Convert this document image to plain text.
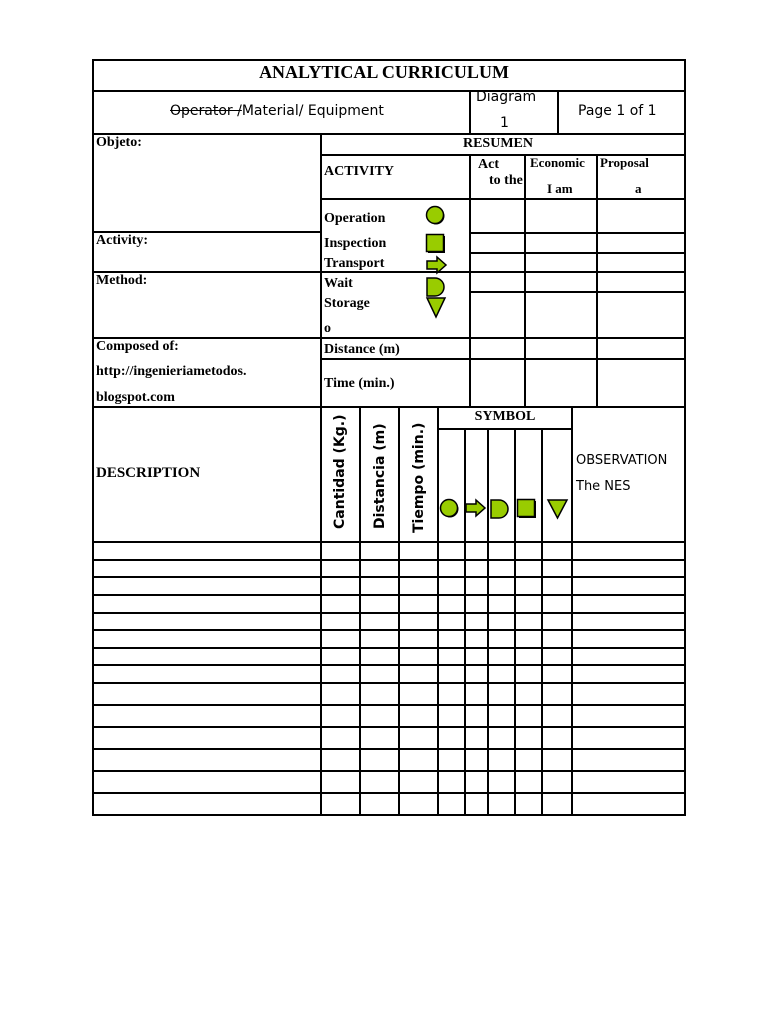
ANALYTICAL CURRICULUM
Operator /Material/ Equipment
Diagram
1
Page 1 of 1
Objeto:
Activity:
Method:
Composed of:
http://ingenieriametodos.
blogspot.com
RESUMEN
ACTIVITY	Act
to the
Economic
I am
Proposal
a
Operation
Inspection
Transport
Wait
Storage
o
Distance (m)
Time (min.)
DESCRIPTION	Cantidad (Kg.) Distancia (m) Tiempo (min.)
SYMBOL
OBSERVATION
The NES
